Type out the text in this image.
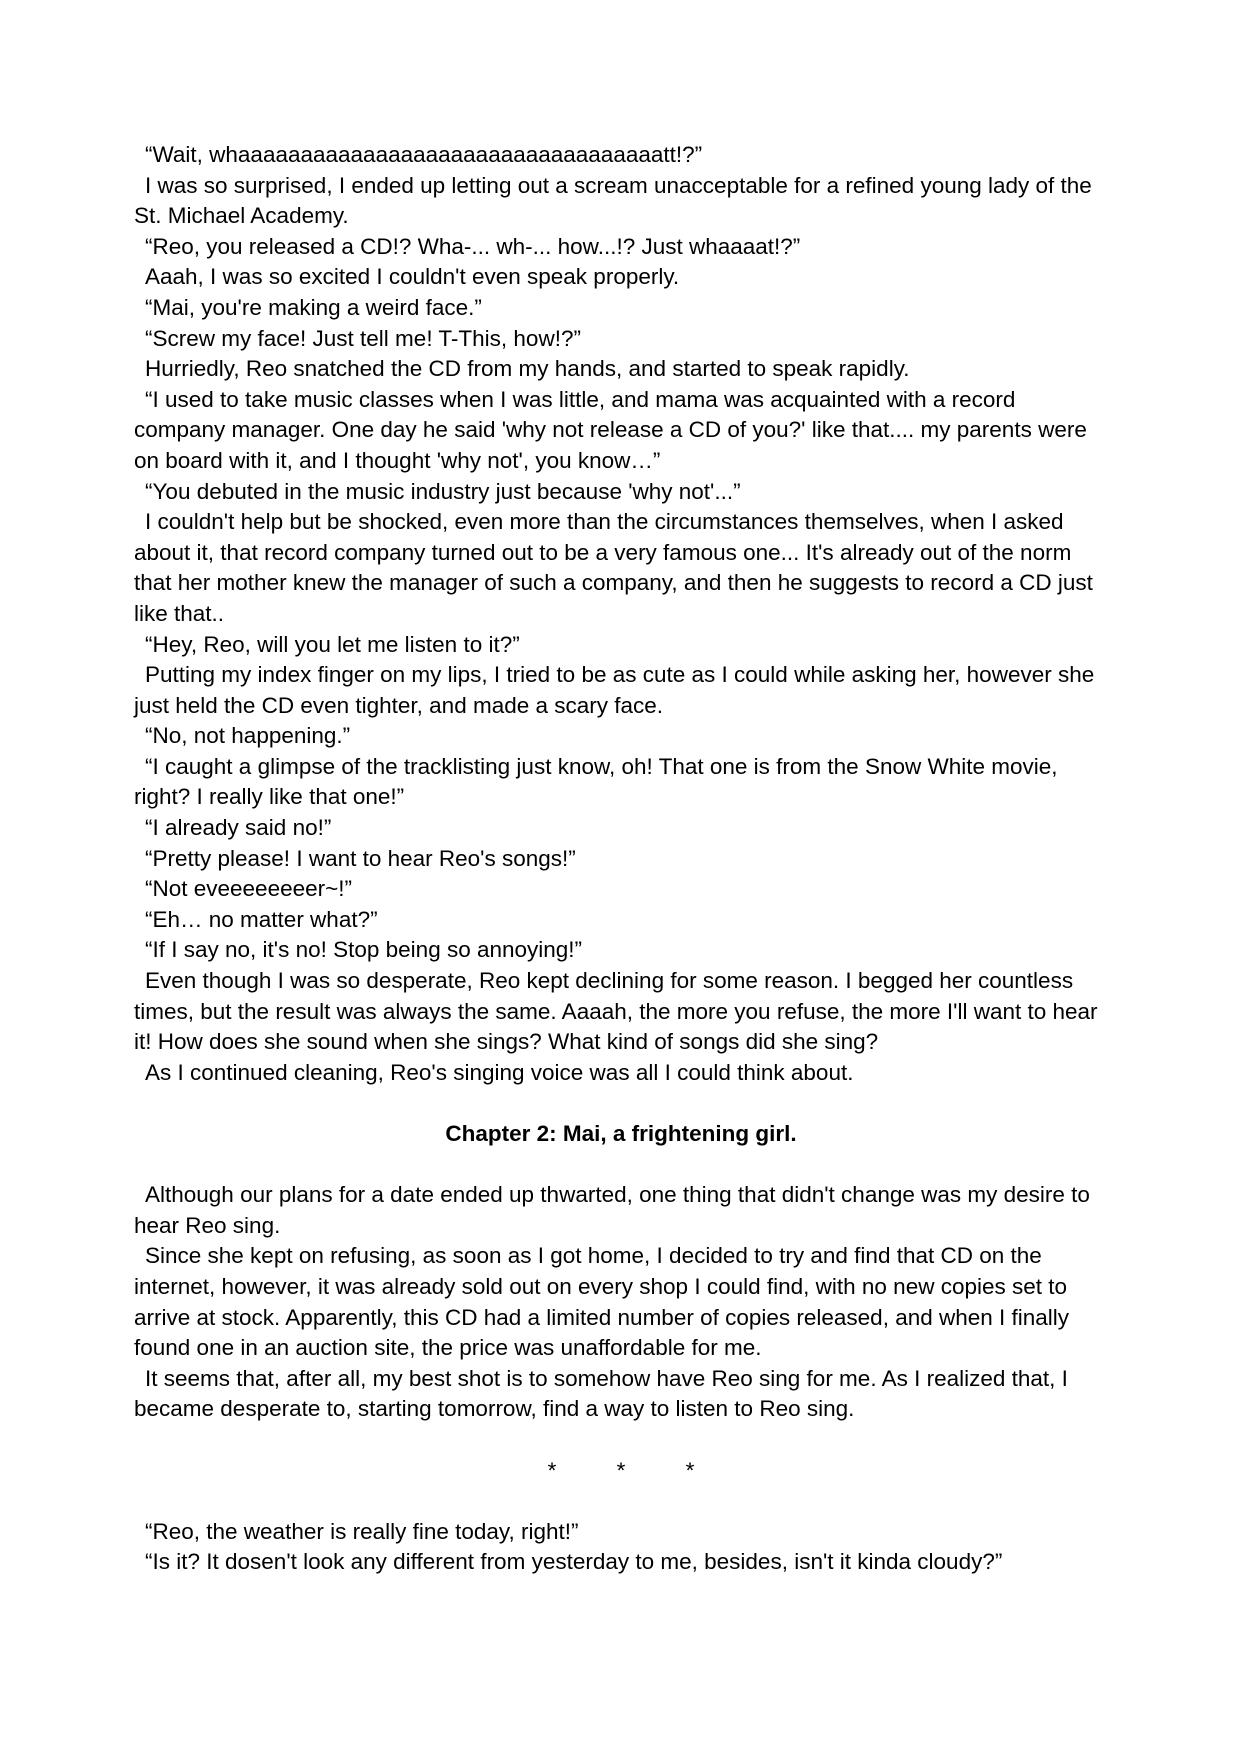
“Wait, whaaaaaaaaaaaaaaaaaaaaaaaaaaaaaaaaaatt!?”

I was so surprised, I ended up letting out a scream unacceptable for a refined young lady of the St. Michael Academy.

“Reo, you released a CD!? Wha-... wh-... how...!? Just whaaaat!?”

Aaah, I was so excited I couldn't even speak properly.

“Mai, you're making a weird face.”

“Screw my face! Just tell me! T-This, how!?”

Hurriedly, Reo snatched the CD from my hands, and started to speak rapidly.

“I used to take music classes when I was little, and mama was acquainted with a record company manager. One day he said 'why not release a CD of you?' like that.... my parents were on board with it, and I thought 'why not', you know…”

“You debuted in the music industry just because 'why not'...”

I couldn't help but be shocked, even more than the circumstances themselves, when I asked about it, that record company turned out to be a very famous one... It's already out of the norm that her mother knew the manager of such a company, and then he suggests to record a CD just like that..

“Hey, Reo, will you let me listen to it?”

Putting my index finger on my lips, I tried to be as cute as I could while asking her, however she just held the CD even tighter, and made a scary face.

“No, not happening.”

“I caught a glimpse of the tracklisting just know, oh! That one is from the Snow White movie, right? I really like that one!”

“I already said no!”

“Pretty please! I want to hear Reo's songs!”

“Not eveeeeeeeer~!”

“Eh… no matter what?”

“If I say no, it's no! Stop being so annoying!”

Even though I was so desperate, Reo kept declining for some reason. I begged her countless times, but the result was always the same. Aaaah, the more you refuse, the more I'll want to hear it! How does she sound when she sings? What kind of songs did she sing?

As I continued cleaning, Reo's singing voice was all I could think about.

Chapter 2: Mai, a frightening girl.

Although our plans for a date ended up thwarted, one thing that didn't change was my desire to hear Reo sing.

Since she kept on refusing, as soon as I got home, I decided to try and find that CD on the internet, however, it was already sold out on every shop I could find, with no new copies set to arrive at stock. Apparently, this CD had a limited number of copies released, and when I finally found one in an auction site, the price was unaffordable for me.

It seems that, after all, my best shot is to somehow have Reo sing for me. As I realized that, I became desperate to, starting tomorrow, find a way to listen to Reo sing.

* * *

“Reo, the weather is really fine today, right!”

“Is it? It dosen't look any different from yesterday to me, besides, isn't it kinda cloudy?”
